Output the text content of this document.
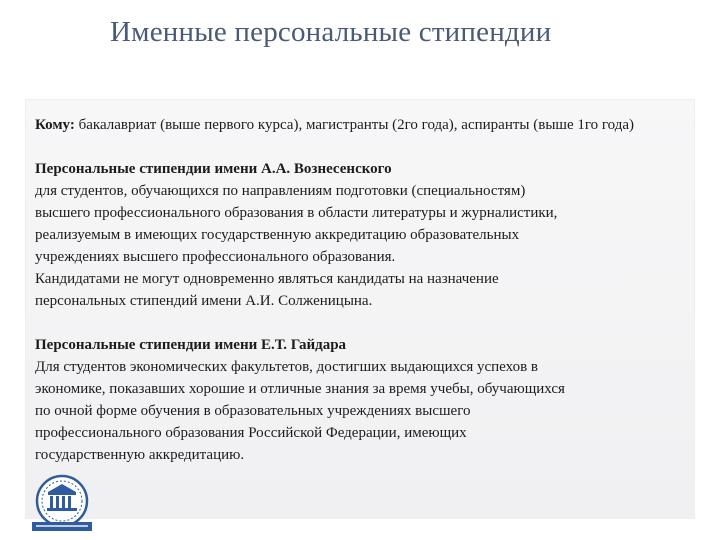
Именные персональные стипендии

Кому: бакалавриат (выше первого курса), магистранты (2го года), аспиранты (выше 1го года)

Персональные стипендии имени А.А. Вознесенского
для студентов, обучающихся по направлениям подготовки (специальностям)
высшего профессионального образования в области литературы и журналистики,
реализуемым в имеющих государственную аккредитацию образовательных
учреждениях высшего профессионального образования.
Кандидатами не могут одновременно являться кандидаты на назначение
персональных стипендий имени А.И. Солженицына.

Персональные стипендии имени Е.Т. Гайдара
Для студентов экономических факультетов, достигших выдающихся успехов в
экономике, показавших хорошие и отличные знания за время учебы, обучающихся
по очной форме обучения в образовательных учреждениях высшего
профессионального образования Российской Федерации, имеющих
государственную аккредитацию.
